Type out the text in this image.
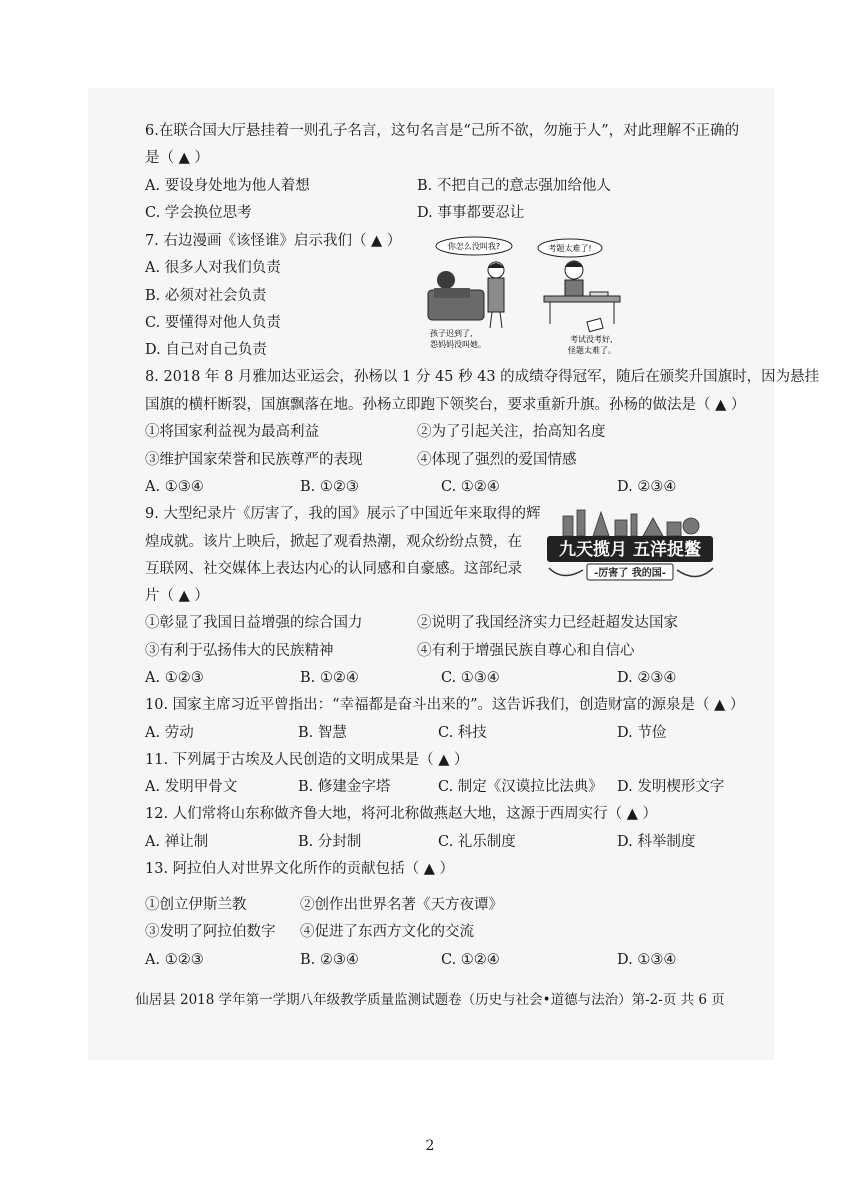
6.在联合国大厅悬挂着一则孔子名言，这句名言是“己所不欲，勿施于人”，对此理解不正确的
是（ ▲ ）
A. 要设身处地为他人着想	B. 不把自己的意志强加给他人
C. 学会换位思考	D. 事事都要忍让
7. 右边漫画《该怪谁》启示我们（ ▲ ）
A. 很多人对我们负责
B. 必须对社会负责
C. 要懂得对他人负责
D. 自己对自己负责
你怎么没叫我?	考题太难了!
孩子迟到了,
怨妈妈没叫她。
考试没考好,
怪题太难了。
8. 2018 年 8 月雅加达亚运会，孙杨以 1 分 45 秒 43 的成绩夺得冠军，随后在颁奖升国旗时，因为悬挂
国旗的横杆断裂，国旗飘落在地。孙杨立即跑下领奖台，要求重新升旗。孙杨的做法是（ ▲ ）
①将国家利益视为最高利益	②为了引起关注，抬高知名度
③维护国家荣誉和民族尊严的表现	④体现了强烈的爱国情感
A. ①③④	B. ①②③	C. ①②④	D. ②③④
9. 大型纪录片《厉害了，我的国》展示了中国近年来取得的辉
煌成就。该片上映后，掀起了观看热潮，观众纷纷点赞，在
互联网、社交媒体上表达内心的认同感和自豪感。这部纪录
片（ ▲ ）
①彰显了我国日益增强的综合国力	②说明了我国经济实力已经赶超发达国家
③有利于弘扬伟大的民族精神	④有利于增强民族自尊心和自信心
A. ①②③	B. ①②④	C. ①③④	D. ②③④
九天揽月 五洋捉鳖
-厉害了 我的国-
10. 国家主席习近平曾指出：“幸福都是奋斗出来的”。这告诉我们，创造财富的源泉是（ ▲ ）
A. 劳动	B. 智慧	C. 科技	D. 节俭
11. 下列属于古埃及人民创造的文明成果是（ ▲ ）
A. 发明甲骨文	B. 修建金字塔	C. 制定《汉谟拉比法典》 D. 发明楔形文字
12. 人们常将山东称做齐鲁大地，将河北称做燕赵大地，这源于西周实行（ ▲ ）
A. 禅让制	B. 分封制	C. 礼乐制度	D. 科举制度
13. 阿拉伯人对世界文化所作的贡献包括（ ▲ ）
①创立伊斯兰教	②创作出世界名著《天方夜谭》
③发明了阿拉伯数字 ④促进了东西方文化的交流
A. ①②③	B. ②③④	C. ①②④	D. ①③④
仙居县 2018 学年第一学期八年级教学质量监测试题卷（历史与社会•道德与法治）第-2-页 共 6 页
2
